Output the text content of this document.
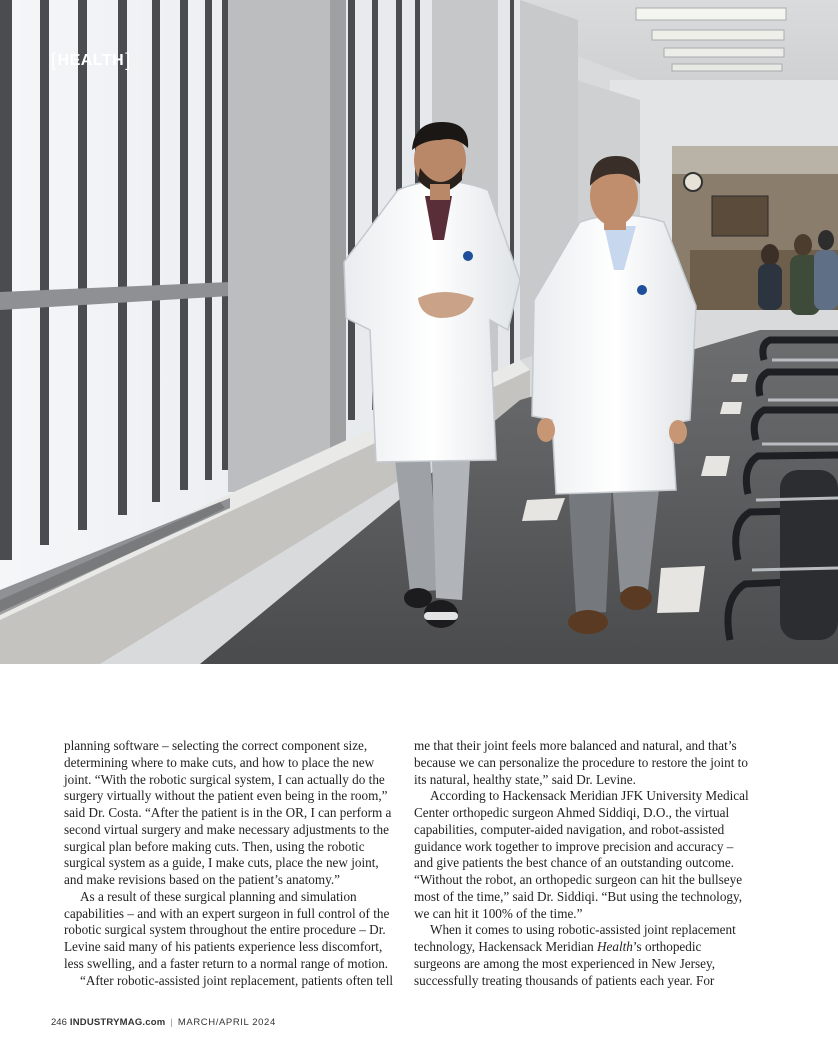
[ HEALTH ]

planning software – selecting the correct component size, determining where to make cuts, and how to place the new joint. “With the robotic surgical system, I can actually do the surgery virtually without the patient even being in the room,” said Dr. Costa. “After the patient is in the OR, I can perform a second virtual surgery and make necessary adjustments to the surgical plan before making cuts. Then, using the robotic surgical system as a guide, I make cuts, place the new joint, and make revisions based on the patient’s anatomy.”

As a result of these surgical planning and simulation capabilities – and with an expert surgeon in full control of the robotic surgical system throughout the entire procedure – Dr. Levine said many of his patients experience less discomfort, less swelling, and a faster return to a normal range of motion.

“After robotic-assisted joint replacement, patients often tell

me that their joint feels more balanced and natural, and that’s because we can personalize the procedure to restore the joint to its natural, healthy state,” said Dr. Levine.

According to Hackensack Meridian JFK University Medical Center orthopedic surgeon Ahmed Siddiqi, D.O., the virtual capabilities, computer-aided navigation, and robot-assisted guidance work together to improve precision and accuracy – and give patients the best chance of an outstanding outcome. “Without the robot, an orthopedic surgeon can hit the bullseye most of the time,” said Dr. Siddiqi. “But using the technology, we can hit it 100% of the time.”

When it comes to using robotic-assisted joint replacement technology, Hackensack Meridian Health’s orthopedic surgeons are among the most experienced in New Jersey, successfully treating thousands of patients each year. For

246 INDUSTRYMAG.com | MARCH/APRIL 2024
